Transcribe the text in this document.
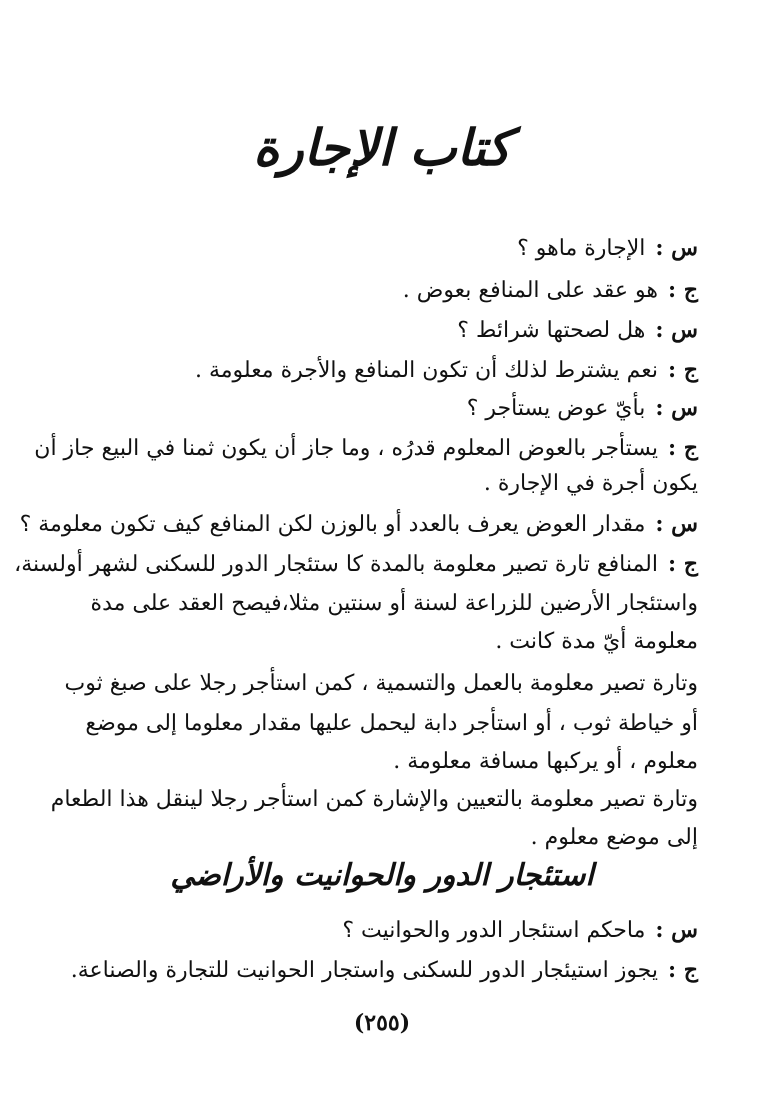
كتاب الإجارة
س :الإجارة ماهو ؟
ج :هو عقد على المنافع بعوض .
س :هل لصحتها شرائط ؟
ج :نعم يشترط لذلك أن تكون المنافع والأجرة معلومة .
س :بأيّ عوض يستأجر ؟
ج :يستأجر بالعوض المعلوم قدرُه ، وما جاز أن يكون ثمنا في البيع جاز أن
يكون أجرة في الإجارة .
س :مقدار العوض يعرف بالعدد أو بالوزن لكن المنافع كيف تكون معلومة ؟
ج :المنافع تارة تصير معلومة بالمدة كا ستئجار الدور للسكنى لشهر أولسنة،
واستئجار الأرضين للزراعة لسنة أو سنتين مثلا،فيصح العقد على مدة
معلومة أيّ مدة كانت .
وتارة تصير معلومة بالعمل والتسمية ، كمن استأجر رجلا على صبغ ثوب
أو خياطة ثوب ، أو استأجر دابة ليحمل عليها مقدار معلوما إلى موضع
معلوم ، أو يركبها مسافة معلومة .
وتارة تصير معلومة بالتعيين والإشارة كمن استأجر رجلا لينقل هذا الطعام
إلى موضع معلوم .
استئجار الدور والحوانيت والأراضي
س :ماحكم استئجار الدور والحوانيت ؟
ج :يجوز استيئجار الدور للسكنى واستجار الحوانيت للتجارة والصناعة.
(٢٥٥)
